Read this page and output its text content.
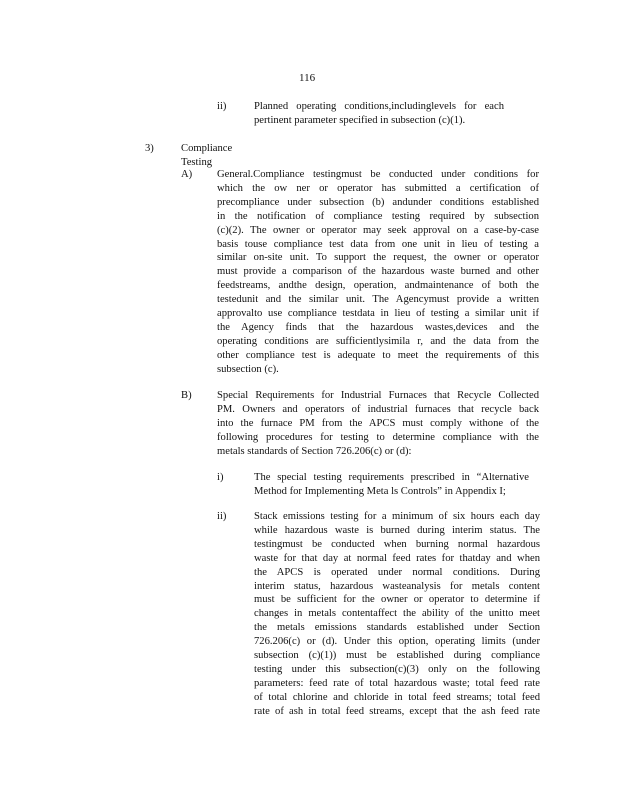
116
ii)	Planned operating conditions,includinglevels for each
pertinent parameter specified in subsection (c)(1).
3)	Compliance Testing
A) General.Compliance testingmust be conducted under conditions for
which the ow ner or operator has submitted a certification of
precompliance under subsection (b) andunder conditions established
in the notification of compliance testing required by subsection
(c)(2). The owner or operator may seek approval on a case-by-case
basis touse compliance test data from one unit in lieu of testing a
similar on-site unit. To support the request, the owner or operator
must provide a comparison of the hazardous waste burned and other
feedstreams, andthe design, operation, andmaintenance of both the
testedunit and the similar unit. The Agencymust provide a written
approvalto use compliance testdata in lieu of testing a similar unit if
the Agency finds that the hazardous wastes,devices and the
operating conditions are sufficientlysimila r, and the data from the
other compliance test is adequate to meet the requirements of this
subsection (c).
B) Special Requirements for Industrial Furnaces that Recycle Collected
PM. Owners and operators of industrial furnaces that recycle back
into the furnace PM from the APCS must comply withone of the
following procedures for testing to determine compliance with the
metals standards of Section 726.206(c) or (d):
i)	The special testing requirements prescribed in “Alternative
Method for Implementing Meta ls Controls” in Appendix I;
ii)	Stack emissions testing for a minimum of six hours each day
while hazardous waste is burned during interim status. The
testingmust be conducted when burning normal hazardous
waste for that day at normal feed rates for thatday and when
the APCS is operated under normal conditions. During
interim status, hazardous wasteanalysis for metals content
must be sufficient for the owner or operator to determine if
changes in metals contentaffect the ability of the unitto meet
the metals emissions standards established under Section
726.206(c) or (d). Under this option, operating limits (under
subsection (c)(1)) must be established during compliance
testing under this subsection(c)(3) only on the following
parameters: feed rate of total hazardous waste; total feed rate
of total chlorine and chloride in total feed streams; total feed
rate of ash in total feed streams, except that the ash feed rate
